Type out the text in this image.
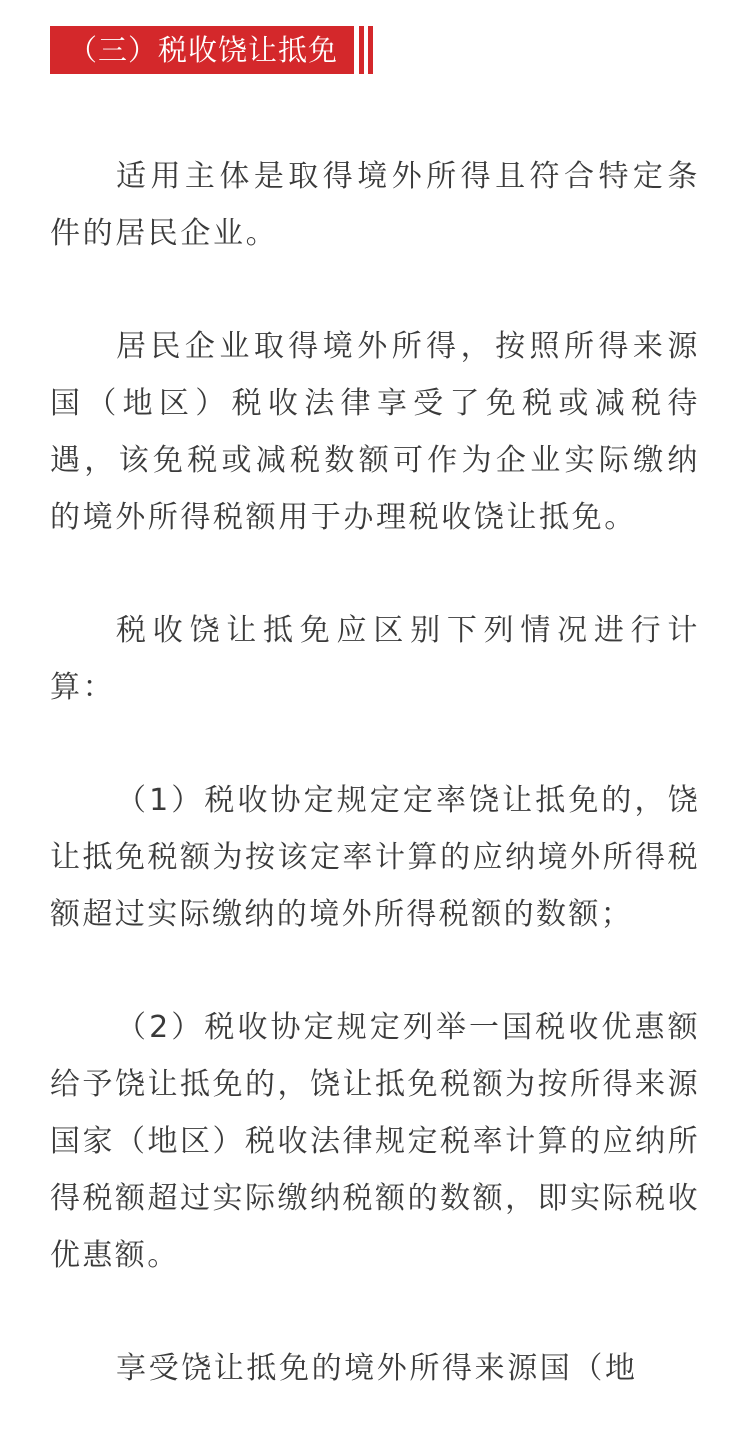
（三）税收饶让抵免

适用主体是取得境外所得且符合特定条件的居民企业。

居民企业取得境外所得，按照所得来源国（地区）税收法律享受了免税或减税待遇，该免税或减税数额可作为企业实际缴纳的境外所得税额用于办理税收饶让抵免。

税收饶让抵免应区别下列情况进行计算：

（1）税收协定规定定率饶让抵免的，饶让抵免税额为按该定率计算的应纳境外所得税额超过实际缴纳的境外所得税额的数额；

（2）税收协定规定列举一国税收优惠额给予饶让抵免的，饶让抵免税额为按所得来源国家（地区）税收法律规定税率计算的应纳所得税额超过实际缴纳税额的数额，即实际税收优惠额。

享受饶让抵免的境外所得来源国（地
